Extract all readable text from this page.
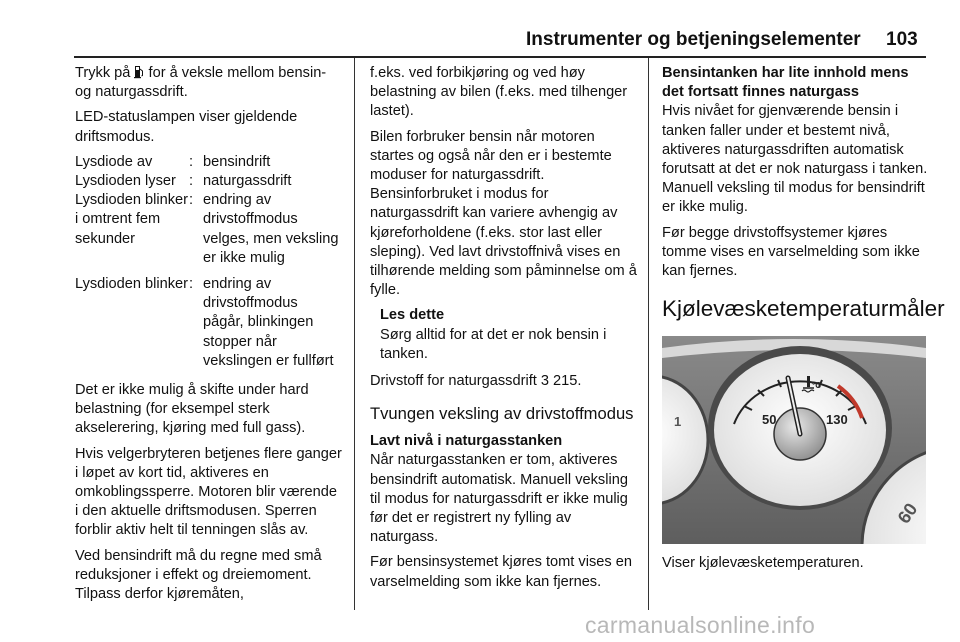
Instrumenter og betjeningselementer 103

Trykk på  for å veksle mellom bensin- og naturgassdrift.

LED-statuslampen viser gjeldende driftsmodus.

Lysdiode av	: bensindrift
Lysdioden lyser : naturgassdrift
Lysdioden blinker i omtrent fem sekunder
: endring av drivstoffmodus velges, men veksling er ikke mulig
Lysdioden blinker : endring av drivstoffmodus pågår, blinkingen stopper når vekslingen er fullført

Det er ikke mulig å skifte under hard belastning (for eksempel sterk akselerering, kjøring med full gass).

Hvis velgerbryteren betjenes flere ganger i løpet av kort tid, aktiveres en omkoblingssperre. Motoren blir værende i den aktuelle driftsmodusen. Sperren forblir aktiv helt til tenningen slås av.

Ved bensindrift må du regne med små reduksjoner i effekt og dreiemoment. Tilpass derfor kjøremåten,

f.eks. ved forbikjøring og ved høy belastning av bilen (f.eks. med tilhenger lastet).

Bilen forbruker bensin når motoren startes og også når den er i bestemte moduser for naturgassdrift. Bensinforbruket i modus for naturgassdrift kan variere avhengig av kjøreforholdene (f.eks. stor last eller sleping). Ved lavt drivstoffnivå vises en tilhørende melding som påminnelse om å fylle.

Les dette
Sørg alltid for at det er nok bensin i tanken.

Drivstoff for naturgassdrift 3 215.

Tvungen veksling av drivstoffmodus
Lavt nivå i naturgasstanken

Når naturgasstanken er tom, aktiveres bensindrift automatisk. Manuell veksling til modus for naturgassdrift er ikke mulig før det er registrert ny fylling av naturgass.

Før bensinsystemet kjøres tomt vises en varselmelding som ikke kan fjernes.

Bensintanken har lite innhold mens det fortsatt finnes naturgass

Hvis nivået for gjenværende bensin i tanken faller under et bestemt nivå, aktiveres naturgassdriften automatisk forutsatt at det er nok naturgass i tanken. Manuell veksling til modus for bensindrift er ikke mulig.

Før begge drivstoffsystemer kjøres tomme vises en varselmelding som ikke kan fjernes.

Kjølevæsketemperaturmåler
50	130
°C
1
60

Viser kjølevæsketemperaturen.

carmanualsonline.info
